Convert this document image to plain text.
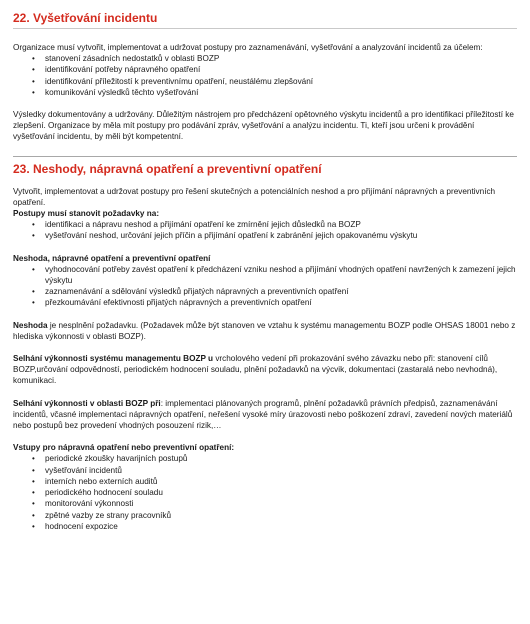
22. Vyšetřování incidentu

Organizace musí vytvořit, implementovat a udržovat postupy pro zaznamenávání, vyšetřování a analyzování incidentů za účelem:

• stanovení zásadních nedostatků v oblasti BOZP
• identifikování potřeby nápravného opatření
• identifikování příležitostí k preventivnímu opatření, neustálému zlepšování
• komunikování výsledků těchto vyšetřování

Výsledky dokumentovány a udržovány. Důležitým nástrojem pro předcházení opětovného výskytu incidentů a pro identifikaci příležitostí ke zlepšení. Organizace by měla mít postupy pro podávání zpráv, vyšetřování a analýzu incidentu. Ti, kteří jsou určeni k provádění vyšetřování incidentu, by měli být kompetentní.

23. Neshody, nápravná opatření a preventivní opatření

Vytvořit, implementovat a udržovat postupy pro řešení skutečných a potenciálních neshod a pro přijímání nápravných a preventivních opatření.

Postupy musí stanovit požadavky na:

• identifikaci a nápravu neshod a přijímání opatření ke zmírnění jejich důsledků na BOZP
• vyšetřování neshod, určování jejich příčin a přijímání opatření k zabránění jejich opakovanému výskytu

Neshoda, nápravné opatření a preventivní opatření

• vyhodnocování potřeby zavést opatření k předcházení vzniku neshod a přijímání vhodných opatření navržených k zamezení jejich výskytu
• zaznamenávání a sdělování výsledků přijatých nápravných a preventivních opatření
• přezkoumávání efektivnosti přijatých nápravných a preventivních opatření

Neshoda je nesplnění požadavku. (Požadavek může být stanoven ve vztahu k systému managementu BOZP podle OHSAS 18001 nebo z hlediska výkonnosti v oblasti BOZP).

Selhání výkonnosti systému managementu BOZP u vrcholového vedení při prokazování svého závazku nebo při: stanovení cílů BOZP,určování odpovědností, periodickém hodnocení souladu, plnění požadavků na výcvik, dokumentaci (zastaralá nebo nevhodná), komunikaci.

Selhání výkonnosti v oblasti BOZP při: implementaci plánovaných programů, plnění požadavků právních předpisů, zaznamenávání incidentů, včasné implementaci nápravných opatření, neřešení vysoké míry úrazovosti nebo poškození zdraví, zavedení nových materiálů nebo postupů bez provedení vhodných posouzení rizik,…

Vstupy pro nápravná opatření nebo preventivní opatření:

• periodické zkoušky havarijních postupů
• vyšetřování incidentů
• interních nebo externích auditů
• periodického hodnocení souladu
• monitorování výkonnosti
• zpětné vazby ze strany pracovníků
• hodnocení expozice
